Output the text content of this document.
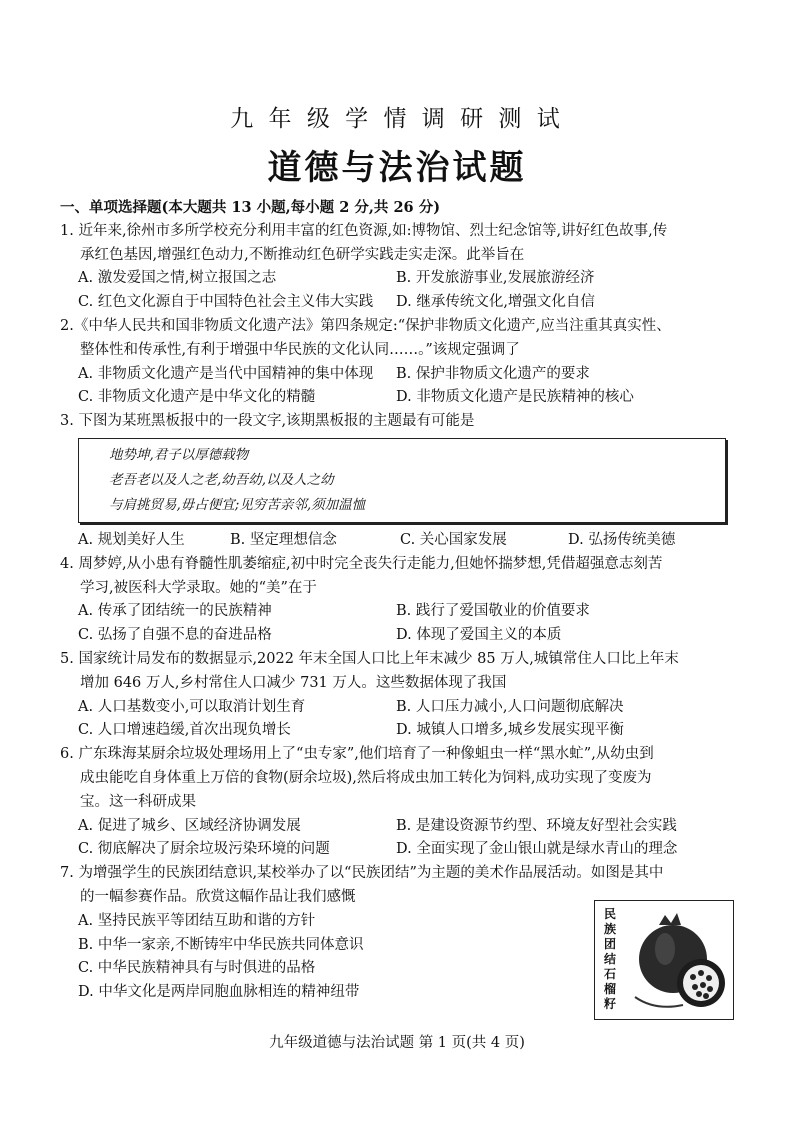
九 年 级 学 情 调 研 测 试
道德与法治试题
一、单项选择题(本大题共 13 小题,每小题 2 分,共 26 分)
1. 近年来,徐州市多所学校充分利用丰富的红色资源,如:博物馆、烈士纪念馆等,讲好红色故事,传
承红色基因,增强红色动力,不断推动红色研学实践走实走深。此举旨在
A. 激发爱国之情,树立报国之志	B. 开发旅游事业,发展旅游经济
C. 红色文化源自于中国特色社会主义伟大实践	D. 继承传统文化,增强文化自信
2.《中华人民共和国非物质文化遗产法》第四条规定:“保护非物质文化遗产,应当注重其真实性、
整体性和传承性,有利于增强中华民族的文化认同……。”该规定强调了
A. 非物质文化遗产是当代中国精神的集中体现	B. 保护非物质文化遗产的要求
C. 非物质文化遗产是中华文化的精髓	D. 非物质文化遗产是民族精神的核心
3. 下图为某班黑板报中的一段文字,该期黑板报的主题最有可能是
地势坤,君子以厚德载物
老吾老以及人之老,幼吾幼,以及人之幼
与肩挑贸易,毋占便宜;见穷苦亲邻,须加温恤
A. 规划美好人生	B. 坚定理想信念	C. 关心国家发展	D. 弘扬传统美德
4. 周梦婷,从小患有脊髓性肌萎缩症,初中时完全丧失行走能力,但她怀揣梦想,凭借超强意志刻苦
学习,被医科大学录取。她的“美”在于
A. 传承了团结统一的民族精神	B. 践行了爱国敬业的价值要求
C. 弘扬了自强不息的奋进品格	D. 体现了爱国主义的本质
5. 国家统计局发布的数据显示,2022 年末全国人口比上年末减少 85 万人,城镇常住人口比上年末
增加 646 万人,乡村常住人口减少 731 万人。这些数据体现了我国
A. 人口基数变小,可以取消计划生育	B. 人口压力减小,人口问题彻底解决
C. 人口增速趋缓,首次出现负增长	D. 城镇人口增多,城乡发展实现平衡
6. 广东珠海某厨余垃圾处理场用上了“虫专家”,他们培育了一种像蛆虫一样“黑水虻”,从幼虫到
成虫能吃自身体重上万倍的食物(厨余垃圾),然后将成虫加工转化为饲料,成功实现了变废为
宝。这一科研成果
A. 促进了城乡、区域经济协调发展	B. 是建设资源节约型、环境友好型社会实践
C. 彻底解决了厨余垃圾污染环境的问题	D. 全面实现了金山银山就是绿水青山的理念
7. 为增强学生的民族团结意识,某校举办了以“民族团结”为主题的美术作品展活动。如图是其中
的一幅参赛作品。欣赏这幅作品让我们感慨
A. 坚持民族平等团结互助和谐的方针
B. 中华一家亲,不断铸牢中华民族共同体意识
C. 中华民族精神具有与时俱进的品格
D. 中华文化是两岸同胞血脉相连的精神纽带
民族团结石榴籽
九年级道德与法治试题 第 1 页(共 4 页)
